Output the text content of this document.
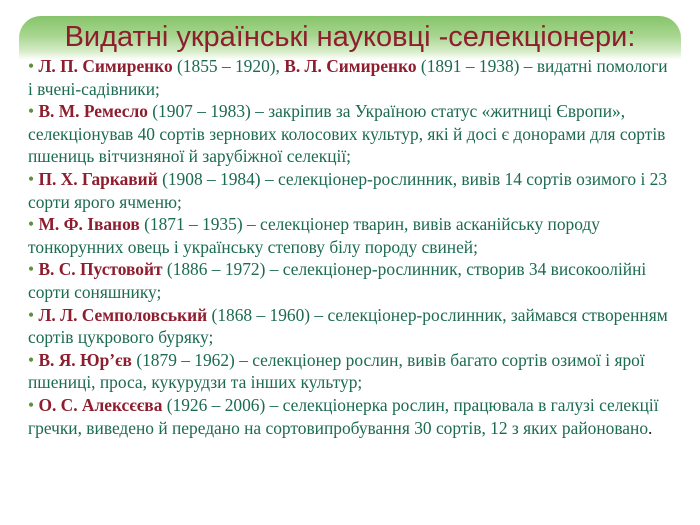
Видатні українські науковці -селекціонери:
• Л. П. Симиренко (1855 – 1920), В. Л. Симиренко (1891 – 1938) – видатні помологи і вчені-садівники;
• В. М. Ремесло (1907 – 1983) – закріпив за Україною статус «житниці Європи», селекціонував 40 сортів зернових колосових культур, які й досі є донорами для сортів пшениць вітчизняної й зарубіжної селекції;
• П. Х. Гаркавий (1908 – 1984) – селекціонер-рослинник, вивів 14 сортів озимого і 23 сорти ярого ячменю;
• М. Ф. Іванов (1871 – 1935) – селекціонер тварин, вивів асканійську породу тонкорунних овець і українську степову білу породу свиней;
• В. С. Пустовойт (1886 – 1972) – селекціонер-рослинник, створив 34 високоолійні сорти соняшнику;
• Л. Л. Семполовський (1868 – 1960) – селекціонер-рослинник, займався створенням сортів цукрового буряку;
• В. Я. Юр’єв (1879 – 1962) – селекціонер рослин, вивів багато сортів озимої і ярої пшениці, проса, кукурудзи та інших культур;
• О. С. Алексєєва (1926 – 2006) – селекціонерка рослин, працювала в галузі селекції гречки, виведено й передано на сортовипробування 30 сортів, 12 з яких районовано.
